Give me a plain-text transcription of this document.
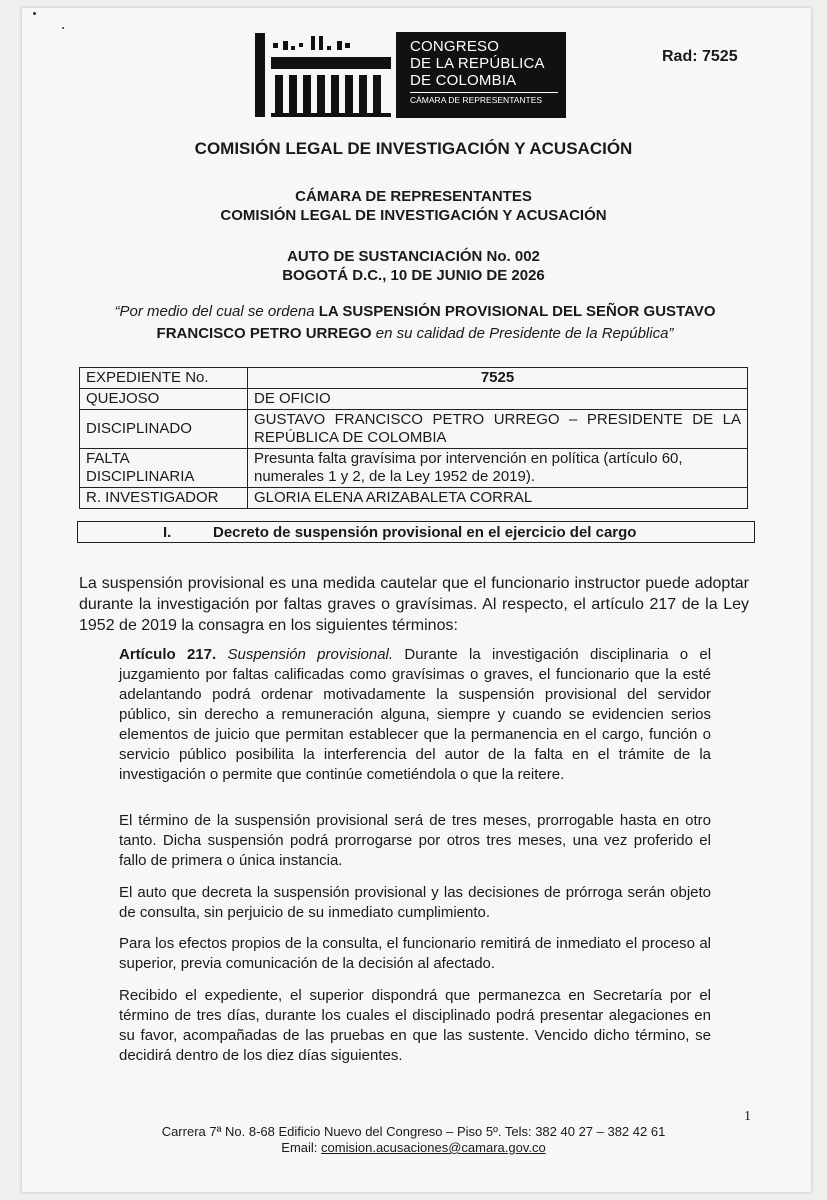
CONGRESO
DE LA REPÚBLICA
DE COLOMBIA
CÁMARA DE REPRESENTANTES
Rad: 7525
COMISIÓN LEGAL DE INVESTIGACIÓN Y ACUSACIÓN
CÁMARA DE REPRESENTANTES
COMISIÓN LEGAL DE INVESTIGACIÓN Y ACUSACIÓN
AUTO DE SUSTANCIACIÓN No. 002
BOGOTÁ D.C., 10 DE JUNIO DE 2026
“Por medio del cual se ordena LA SUSPENSIÓN PROVISIONAL DEL SEÑOR GUSTAVO FRANCISCO PETRO URREGO en su calidad de Presidente de la República”
EXPEDIENTE No.	7525
QUEJOSO	DE OFICIO
DISCIPLINADO	GUSTAVO FRANCISCO PETRO URREGO – PRESIDENTE DE LA REPÚBLICA DE COLOMBIA
FALTA DISCIPLINARIA	Presunta falta gravísima por intervención en política (artículo 60, numerales 1 y 2, de la Ley 1952 de 2019).
R. INVESTIGADOR	GLORIA ELENA ARIZABALETA CORRAL
I.	Decreto de suspensión provisional en el ejercicio del cargo
La suspensión provisional es una medida cautelar que el funcionario instructor puede adoptar durante la investigación por faltas graves o gravísimas. Al respecto, el artículo 217 de la Ley 1952 de 2019 la consagra en los siguientes términos:
Artículo 217. Suspensión provisional. Durante la investigación disciplinaria o el juzgamiento por faltas calificadas como gravísimas o graves, el funcionario que la esté adelantando podrá ordenar motivadamente la suspensión provisional del servidor público, sin derecho a remuneración alguna, siempre y cuando se evidencien serios elementos de juicio que permitan establecer que la permanencia en el cargo, función o servicio público posibilita la interferencia del autor de la falta en el trámite de la investigación o permite que continúe cometiéndola o que la reitere.
El término de la suspensión provisional será de tres meses, prorrogable hasta en otro tanto. Dicha suspensión podrá prorrogarse por otros tres meses, una vez proferido el fallo de primera o única instancia.
El auto que decreta la suspensión provisional y las decisiones de prórroga serán objeto de consulta, sin perjuicio de su inmediato cumplimiento.
Para los efectos propios de la consulta, el funcionario remitirá de inmediato el proceso al superior, previa comunicación de la decisión al afectado.
Recibido el expediente, el superior dispondrá que permanezca en Secretaría por el término de tres días, durante los cuales el disciplinado podrá presentar alegaciones en su favor, acompañadas de las pruebas en que las sustente. Vencido dicho término, se decidirá dentro de los diez días siguientes.
1
Carrera 7ª No. 8-68 Edificio Nuevo del Congreso – Piso 5º. Tels: 382 40 27 – 382 42 61
Email: comision.acusaciones@camara.gov.co
